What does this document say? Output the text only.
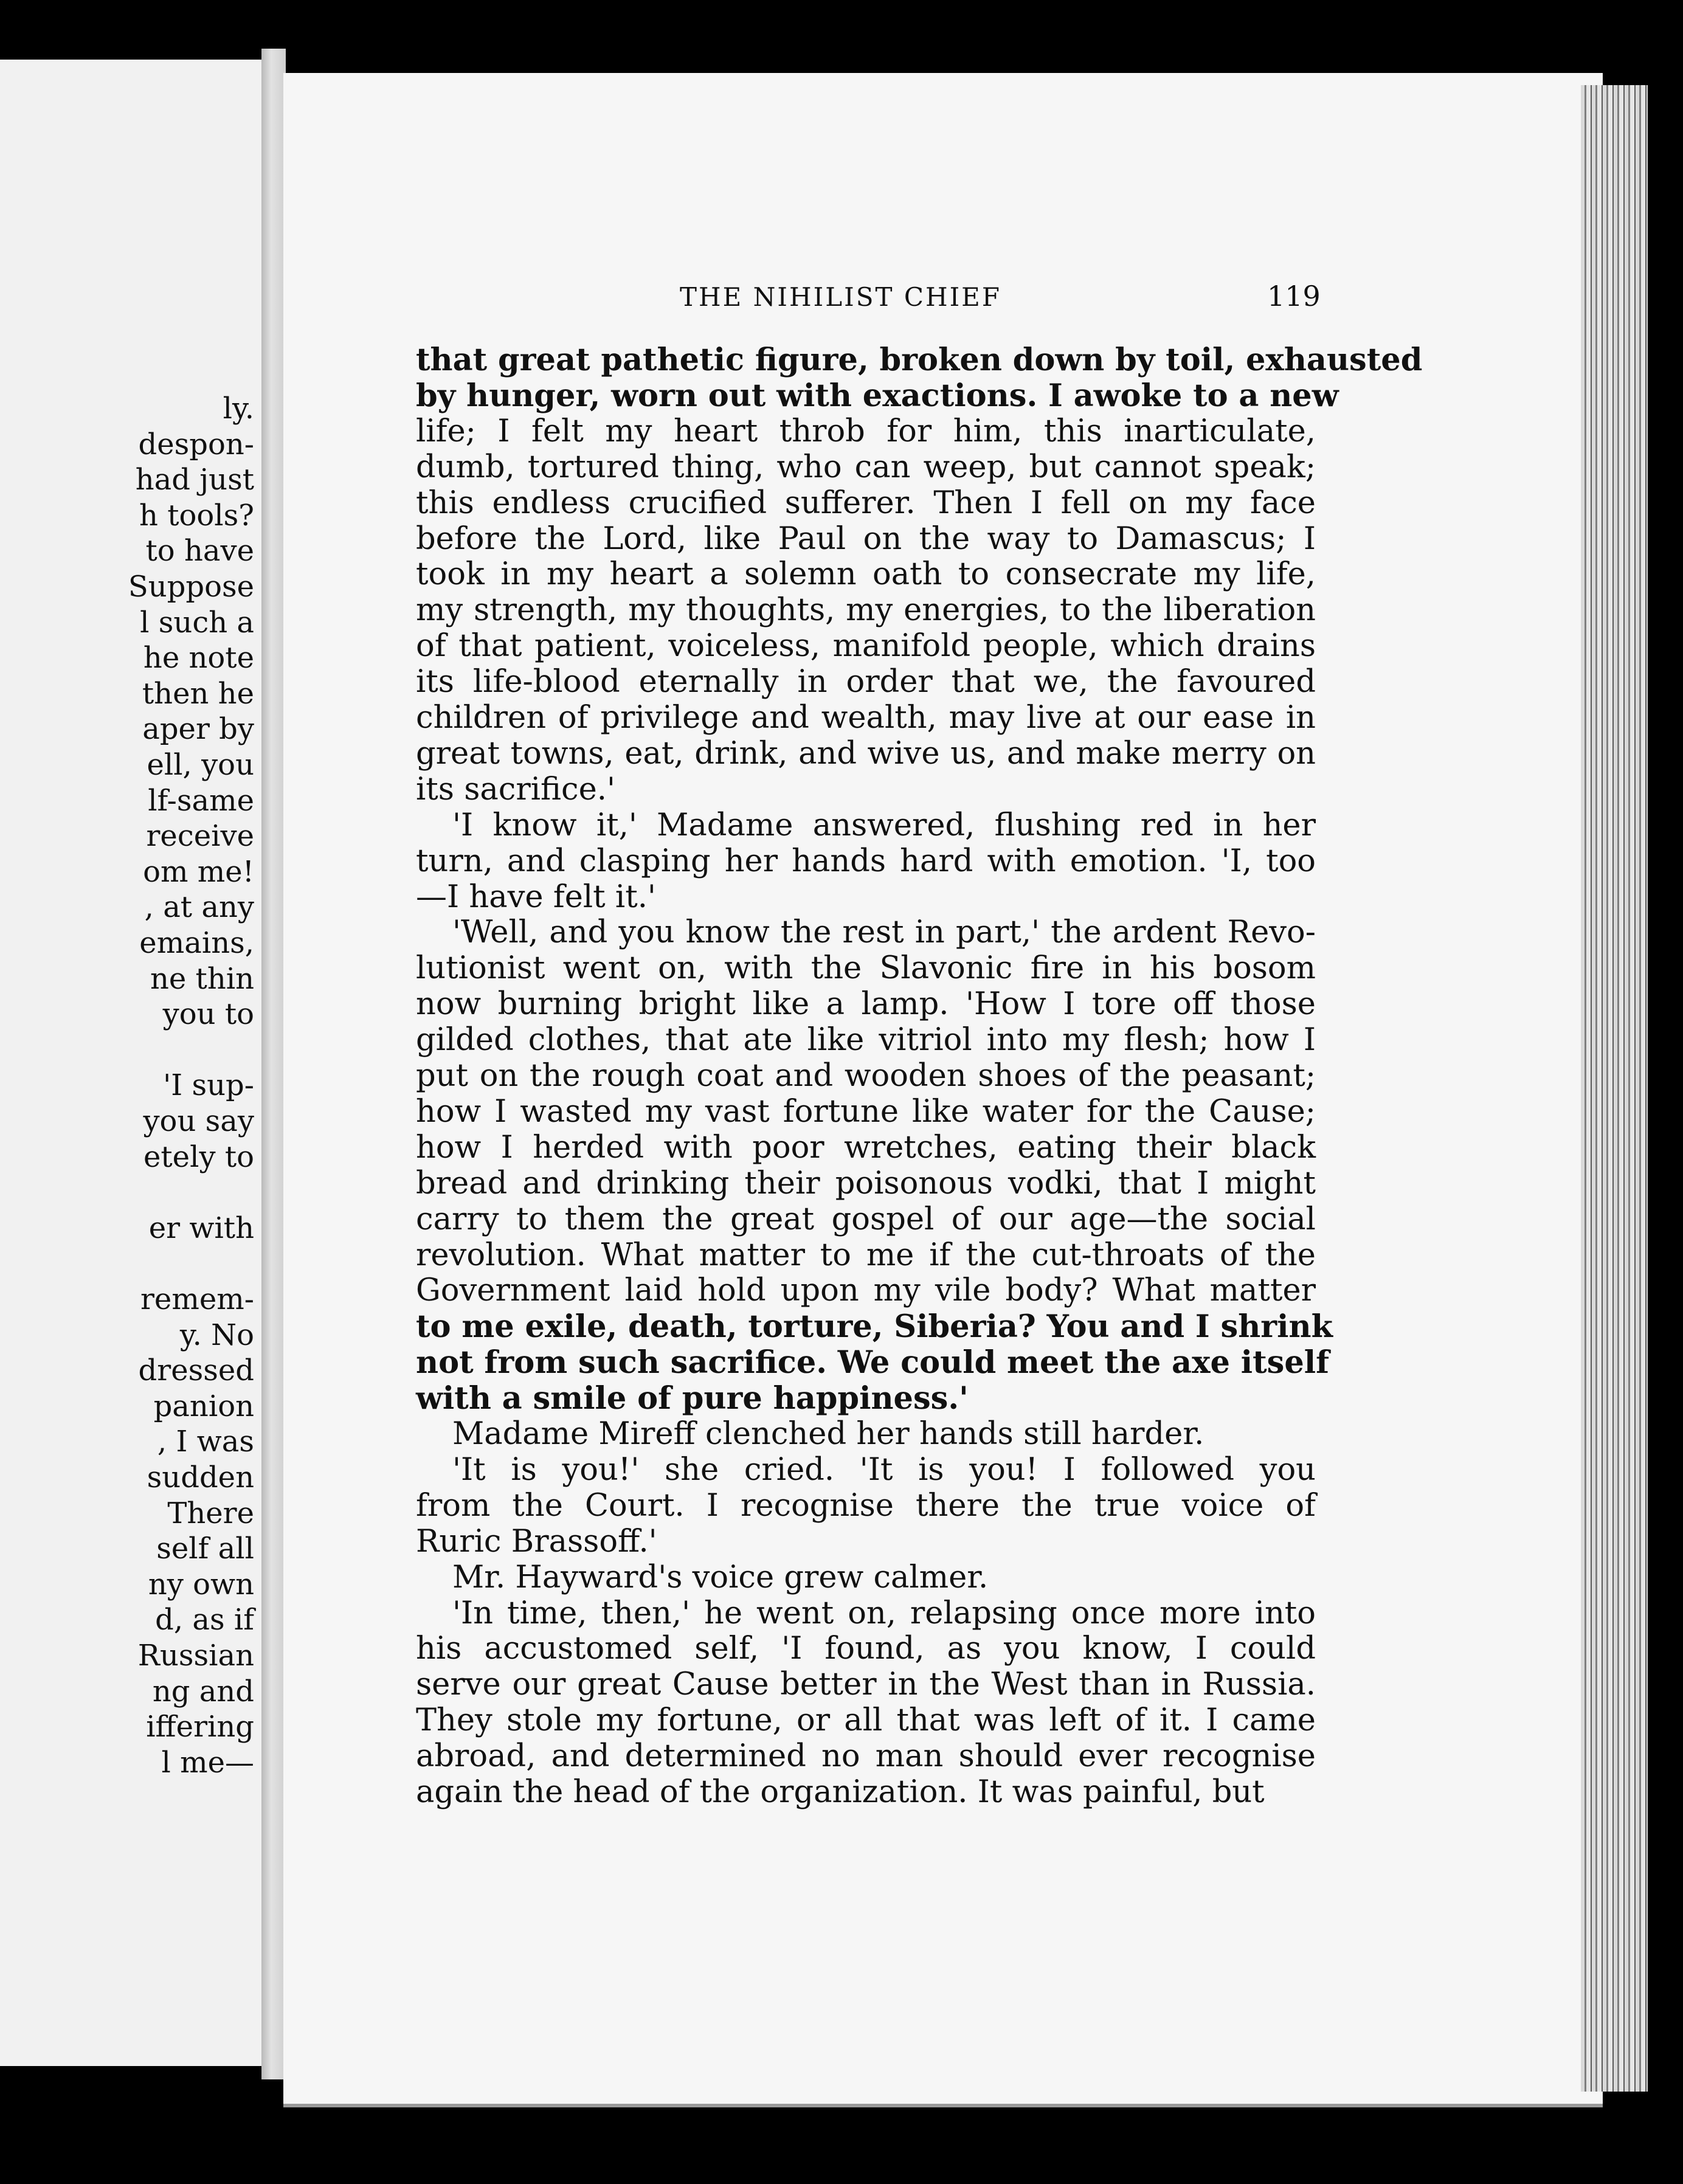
ly.
despon-
had just
h tools?
to have
Suppose
l such a
he note
then he
aper by
ell, you
lf-same
receive
om me!
, at any
emains,
ne thin
you to
'I sup-
you say
etely to
er with
remem-
y. No
dressed
panion
, I was
sudden
There
self all
ny own
d, as if
Russian
ng and
iffering
l me—
THE NIHILIST CHIEF	119
that great pathetic figure, broken down by toil, exhausted
by hunger, worn out with exactions. I awoke to a new
life; I felt my heart throb for him, this inarticulate,
dumb, tortured thing, who can weep, but cannot speak;
this endless crucified sufferer. Then I fell on my face
before the Lord, like Paul on the way to Damascus; I
took in my heart a solemn oath to consecrate my life,
my strength, my thoughts, my energies, to the liberation
of that patient, voiceless, manifold people, which drains
its life-blood eternally in order that we, the favoured
children of privilege and wealth, may live at our ease in
great towns, eat, drink, and wive us, and make merry on
its sacrifice.'
'I know it,' Madame answered, flushing red in her
turn, and clasping her hands hard with emotion. 'I, too
—I have felt it.'
'Well, and you know the rest in part,' the ardent Revo-
lutionist went on, with the Slavonic fire in his bosom
now burning bright like a lamp. 'How I tore off those
gilded clothes, that ate like vitriol into my flesh; how I
put on the rough coat and wooden shoes of the peasant;
how I wasted my vast fortune like water for the Cause;
how I herded with poor wretches, eating their black
bread and drinking their poisonous vodki, that I might
carry to them the great gospel of our age—the social
revolution. What matter to me if the cut-throats of the
Government laid hold upon my vile body? What matter
to me exile, death, torture, Siberia? You and I shrink
not from such sacrifice. We could meet the axe itself
with a smile of pure happiness.'
Madame Mireff clenched her hands still harder.
'It is you!' she cried. 'It is you! I followed you
from the Court. I recognise there the true voice of
Ruric Brassoff.'
Mr. Hayward's voice grew calmer.
'In time, then,' he went on, relapsing once more into
his accustomed self, 'I found, as you know, I could
serve our great Cause better in the West than in Russia.
They stole my fortune, or all that was left of it. I came
abroad, and determined no man should ever recognise
again the head of the organization. It was painful, but
